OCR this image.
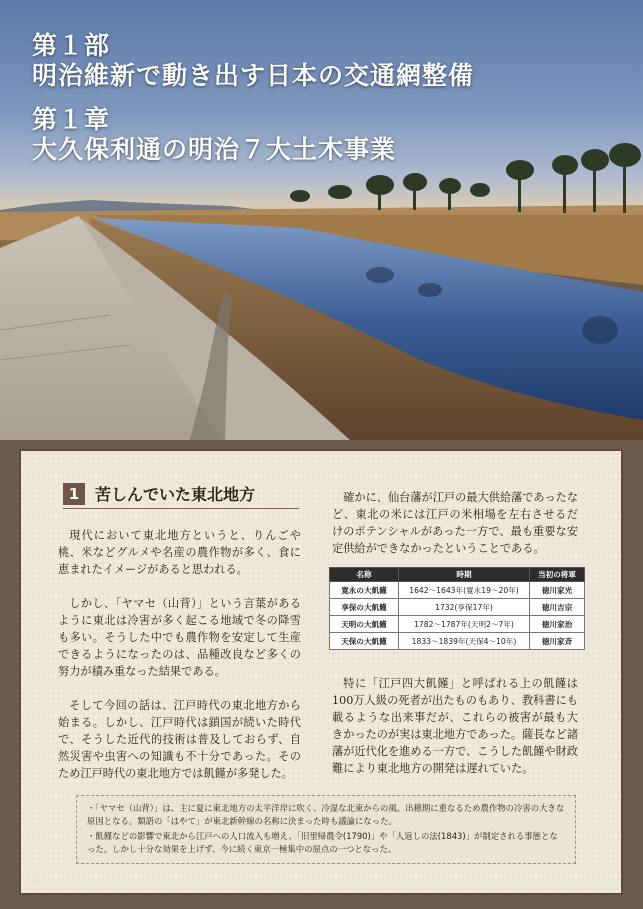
第１部
明治維新で動き出す日本の交通網整備
第１章
大久保利通の明治７大土木事業
1 苦しんでいた東北地方

現代において東北地方というと、りんごや桃、米などグルメや名産の農作物が多く、食に恵まれたイメージがあると思われる。

しかし、「ヤマセ（山背）」という言葉があるように東北は冷害が多く起こる地域で冬の降雪も多い。そうした中でも農作物を安定して生産できるようになったのは、品種改良など多くの努力が積み重なった結果である。

そして今回の話は、江戸時代の東北地方から始まる。しかし、江戸時代は鎖国が続いた時代で、そうした近代的技術は普及しておらず、自然災害や虫害への知識も不十分であった。そのため江戸時代の東北地方では飢饉が多発した。

確かに、仙台藩が江戸の最大供給藩であったなど、東北の米には江戸の米相場を左右させるだけのポテンシャルがあった一方で、最も重要な安定供給ができなかったということである。

名称	時期	当初の将軍
寛永の大飢饉	1642～1643年(寛永19～20年)	徳川家光
享保の大飢饉	1732(享保17年)	徳川吉宗
天明の大飢饉	1782～1787年(天明2～7年)	徳川家治
天保の大飢饉	1833～1839年(天保4～10年)	徳川家斉

特に「江戸四大飢饉」と呼ばれる上の飢饉は100万人級の死者が出たものもあり、教科書にも載るような出来事だが、これらの被害が最も大きかったのが実は東北地方であった。薩長など諸藩が近代化を進める一方で、こうした飢饉や財政難により東北地方の開発は遅れていた。

・「ヤマセ（山背）」は、主に夏に東北地方の太平洋岸に吹く、冷湿な北東からの風。出穂期に重なるため農作物の冷害の大きな原因となる。類語の「はやて」が東北新幹線の名称に決まった時も議論になった。

・飢饉などの影響で東北から江戸への人口流入も増え、「旧里帰農令(1790)」や「人返しの法(1843)」が制定される事態となった。しかし十分な効果を上げず、今に続く東京一極集中の原点の一つとなった。

6
